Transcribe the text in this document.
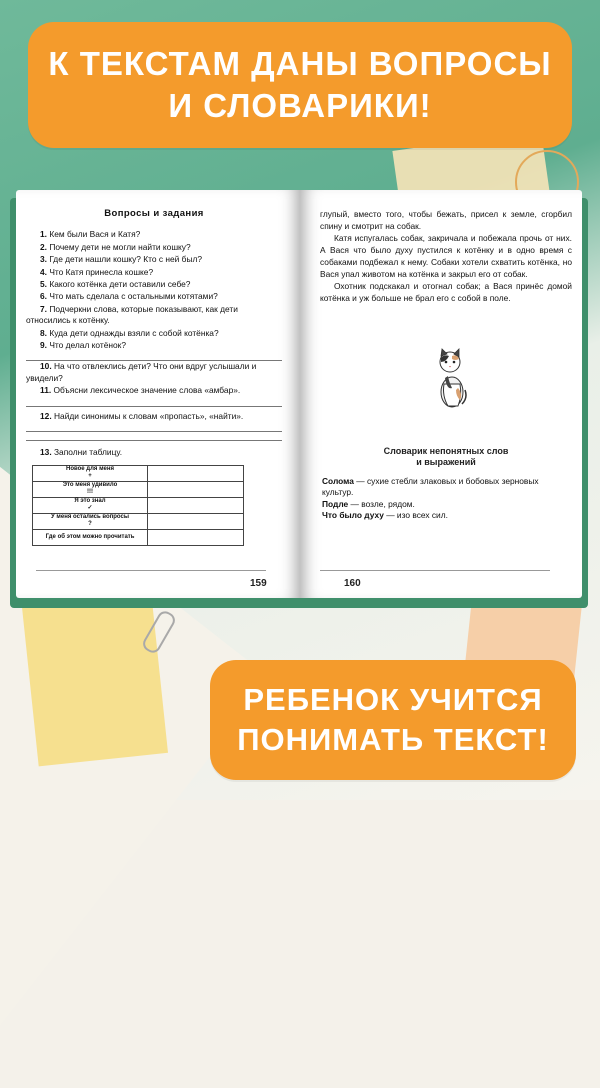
К ТЕКСТАМ ДАНЫ ВОПРОСЫ
И СЛОВАРИКИ!
Вопросы и задания
1. Кем были Вася и Катя?
2. Почему дети не могли найти кошку?
3. Где дети нашли кошку? Кто с ней был?
4. Что Катя принесла кошке?
5. Какого котёнка дети оставили себе?
6. Что мать сделала с остальными котятами?
7. Подчеркни слова, которые показывают, как дети относились к котёнку.
8. Куда дети однажды взяли с собой котёнка?
9. Что делал котёнок?
10. На что отвлеклись дети? Что они вдруг услышали и увидели?
11. Объясни лексическое значение слова «амбар».
12. Найди синонимы к словам «пропасть», «найти».
13. Заполни таблицу.
Новое для меня
+	
Это меня удивило
!!!	
Я это знал
✓	
У меня остались вопросы
?	
Где об этом можно прочитать	
159

глупый, вместо того, чтобы бежать, присел к земле, сгорбил спину и смотрит на собак.

Катя испугалась собак, закричала и побежала прочь от них. А Вася что было духу пустился к котёнку и в одно время с собаками подбежал к нему. Собаки хотели схватить котёнка, но Вася упал животом на котёнка и закрыл его от собак.

Охотник подскакал и отогнал собак; а Вася принёс домой котёнка и уж больше не брал его с собой в поле.

Словарик непонятных слов
и выражений

Солома — сухие стебли злаковых и бобовых зерновых культур.

Подле — возле, рядом.

Что было духу — изо всех сил.

160
РЕБЕНОК УЧИТСЯ
ПОНИМАТЬ ТЕКСТ!
